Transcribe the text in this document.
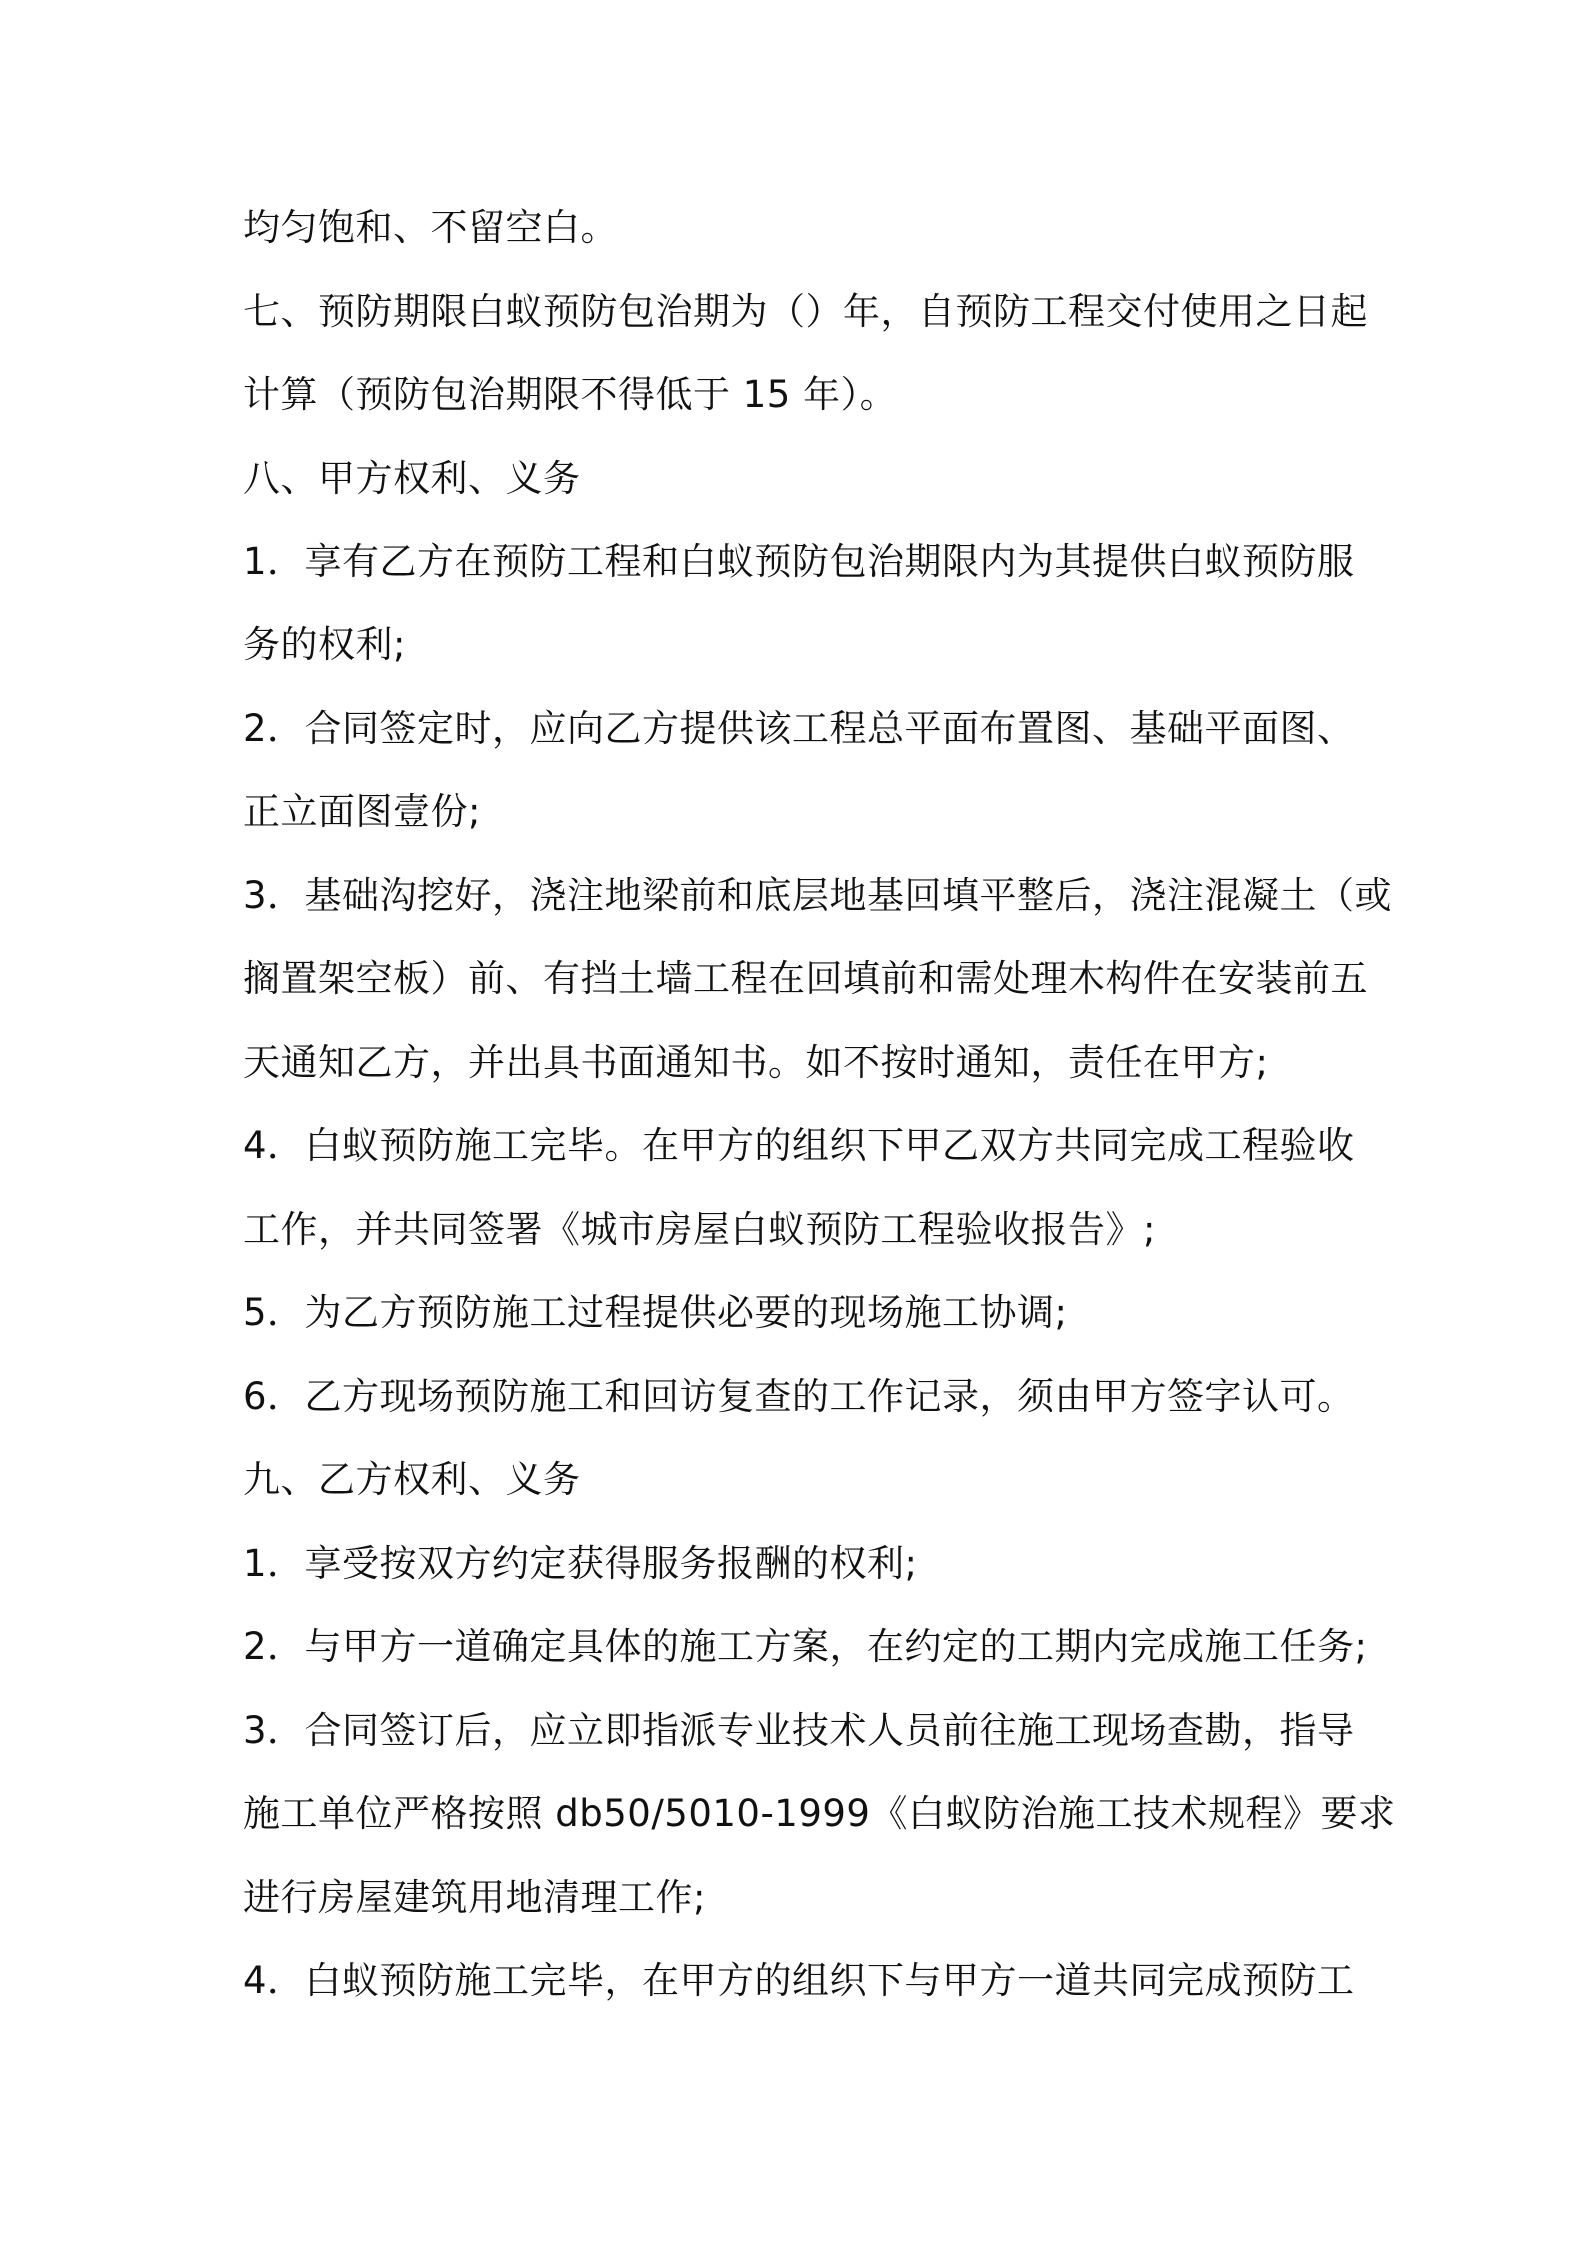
均匀饱和、不留空白。

七、预防期限白蚁预防包治期为（）年，自预防工程交付使用之日起

计算（预防包治期限不得低于 15 年）。

八、甲方权利、义务

1．享有乙方在预防工程和白蚁预防包治期限内为其提供白蚁预防服

务的权利;

2．合同签定时，应向乙方提供该工程总平面布置图、基础平面图、

正立面图壹份;

3．基础沟挖好，浇注地梁前和底层地基回填平整后，浇注混凝土（或

搁置架空板）前、有挡土墙工程在回填前和需处理木构件在安装前五

天通知乙方，并出具书面通知书。如不按时通知，责任在甲方;

4．白蚁预防施工完毕。在甲方的组织下甲乙双方共同完成工程验收

工作，并共同签署《城市房屋白蚁预防工程验收报告》;

5．为乙方预防施工过程提供必要的现场施工协调;

6．乙方现场预防施工和回访复查的工作记录，须由甲方签字认可。

九、乙方权利、义务

1．享受按双方约定获得服务报酬的权利;

2．与甲方一道确定具体的施工方案，在约定的工期内完成施工任务;

3．合同签订后，应立即指派专业技术人员前往施工现场查勘，指导

施工单位严格按照 db50/5010-1999《白蚁防治施工技术规程》要求

进行房屋建筑用地清理工作;

4．白蚁预防施工完毕，在甲方的组织下与甲方一道共同完成预防工
